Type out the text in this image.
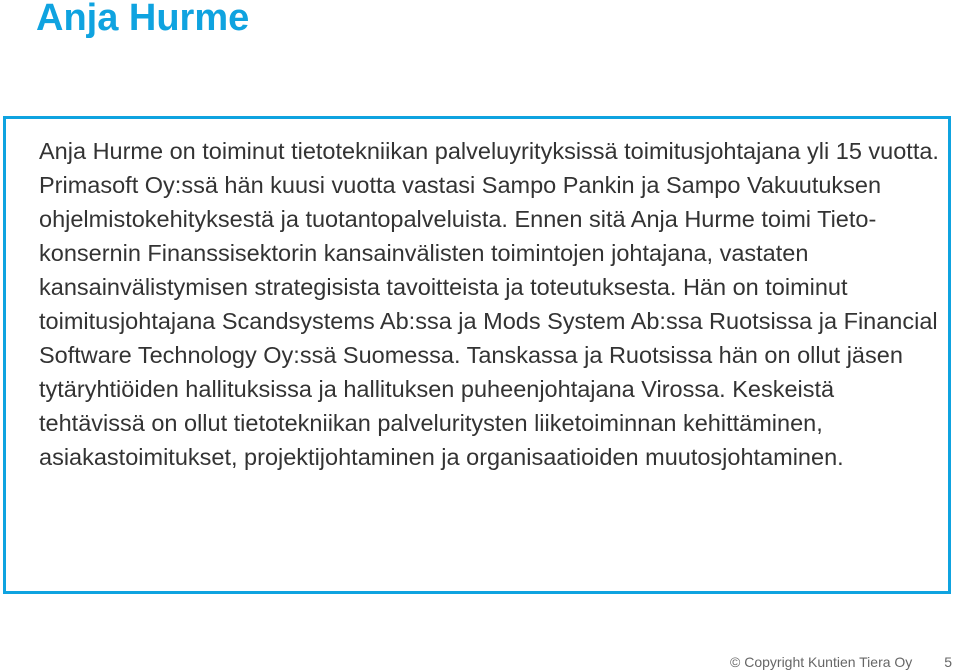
Anja Hurme

Anja Hurme on toiminut tietotekniikan palveluyrityksissä toimitusjohtajana yli 15 vuotta. Primasoft Oy:ssä hän kuusi vuotta vastasi Sampo Pankin ja Sampo Vakuutuksen ohjelmistokehityksestä ja tuotantopalveluista. Ennen sitä Anja Hurme toimi Tieto-konsernin Finanssisektorin kansainvälisten toimintojen johtajana, vastaten kansainvälistymisen strategisista tavoitteista ja toteutuksesta. Hän on toiminut toimitusjohtajana Scandsystems Ab:ssa ja Mods System Ab:ssa Ruotsissa ja Financial Software Technology Oy:ssä Suomessa. Tanskassa ja Ruotsissa hän on ollut jäsen tytäryhtiöiden hallituksissa ja hallituksen puheenjohtajana Virossa. Keskeistä tehtävissä on ollut tietotekniikan palveluritysten liiketoiminnan kehittäminen, asiakastoimitukset, projektijohtaminen ja organisaatioiden muutosjohtaminen.

© Copyright Kuntien Tiera Oy 5
